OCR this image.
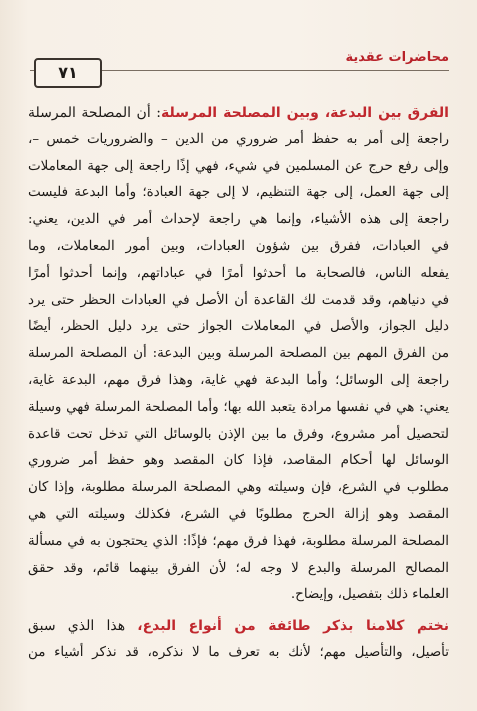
محاضرات عقدية
٧١
الفرق بين البدعة، وبين المصلحة المرسلة: أن المصلحة المرسلة
راجعة إلى أمر به حفظ أمر ضروري من الدين – والضروريات خمس –،
وإلى رفع حرج عن المسلمين في شيء، فهي إذًا راجعة إلى جهة المعاملات
إلى جهة العمل، إلى جهة التنظيم، لا إلى جهة العبادة؛ وأما البدعة فليست
راجعة إلى هذه الأشياء، وإنما هي راجعة لإحداث أمر في الدين، يعني:
في العبادات، ففرق بين شؤون العبادات، وبين أمور المعاملات، وما
يفعله الناس، فالصحابة ما أحدثوا أمرًا في عباداتهم، وإنما أحدثوا أمرًا
في دنياهم، وقد قدمت لك القاعدة أن الأصل في العبادات الحظر حتى يرد
دليل الجواز، والأصل في المعاملات الجواز حتى يرد دليل الحظر، أيضًا
من الفرق المهم بين المصلحة المرسلة وبين البدعة: أن المصلحة المرسلة
راجعة إلى الوسائل؛ وأما البدعة فهي غاية، وهذا فرق مهم، البدعة غاية،
يعني: هي في نفسها مرادة يتعبد الله بها؛ وأما المصلحة المرسلة فهي وسيلة
لتحصيل أمر مشروع، وفرق ما بين الإذن بالوسائل التي تدخل تحت قاعدة
الوسائل لها أحكام المقاصد، فإذا كان المقصد وهو حفظ أمر ضروري
مطلوب في الشرع، فإن وسيلته وهي المصلحة المرسلة مطلوبة، وإذا كان
المقصد وهو إزالة الحرج مطلوبًا في الشرع، فكذلك وسيلته التي هي
المصلحة المرسلة مطلوبة، فهذا فرق مهم؛ فإذًا: الذي يحتجون به في مسألة
المصالح المرسلة والبدع لا وجه له؛ لأن الفرق بينهما قائم، وقد حقق
العلماء ذلك بتفصيل، وإيضاح.
نختم كلامنا بذكر طائفة من أنواع البدع، هذا الذي سبق
تأصيل، والتأصيل مهم؛ لأنك به تعرف ما لا نذكره، قد نذكر أشياء من
